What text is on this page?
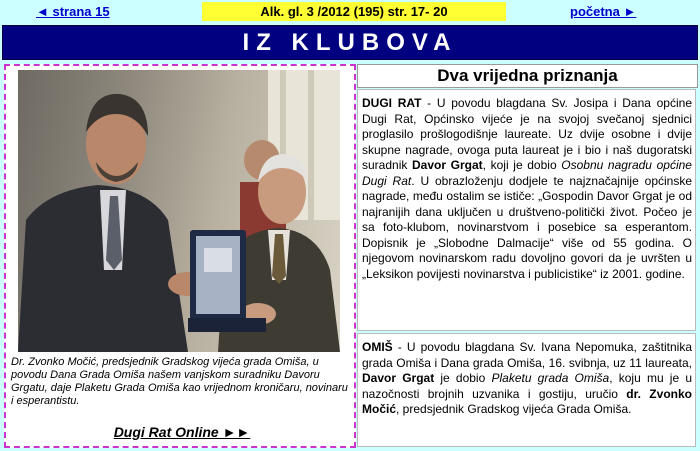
◄ strana 15	Alk. gl. 3 /2012 (195) str. 17- 20	početna ►
IZ KLUBOVA
Dr. Zvonko Močić, predsjednik Gradskog vijeća grada Omiša, u povodu Dana Grada Omiša našem vanjskom suradniku Davoru Grgatu, daje Plaketu Grada Omiša kao vrijednom kroničaru, novinaru i esperantistu.
Dugi Rat Online ►►
Dva vrijedna priznanja

DUGI RAT - U povodu blagdana Sv. Josipa i Dana općine Dugi Rat, Općinsko vijeće je na svojoj svečanoj sjednici proglasilo prošlogodišnje laureate. Uz dvije osobne i dvije skupne nagrade, ovoga puta laureat je i bio i naš dugoratski suradnik Davor Grgat, koji je dobio Osobnu nagradu općine Dugi Rat. U obrazloženju dodjele te najznačajnije općinske nagrade, među ostalim se ističe: „Gospodin Davor Grgat je od najranijih dana uključen u društveno-politički život. Počeo je sa foto-klubom, novinarstvom i posebice sa esperantom. Dopisnik je „Slobodne Dalmacije“ više od 55 godina. O njegovom novinarskom radu dovoljno govori da je uvršten u „Leksikon povijesti novinarstva i publicistike“ iz 2001. godine.

OMIŠ - U povodu blagdana Sv. Ivana Nepomuka, zaštitnika grada Omiša i Dana grada Omiša, 16. svibnja, uz 11 laureata, Davor Grgat je dobio Plaketu grada Omiša, koju mu je u nazočnosti brojnih uzvanika i gostiju, uručio dr. Zvonko Močić, predsjednik Gradskog vijeća Grada Omiša.
